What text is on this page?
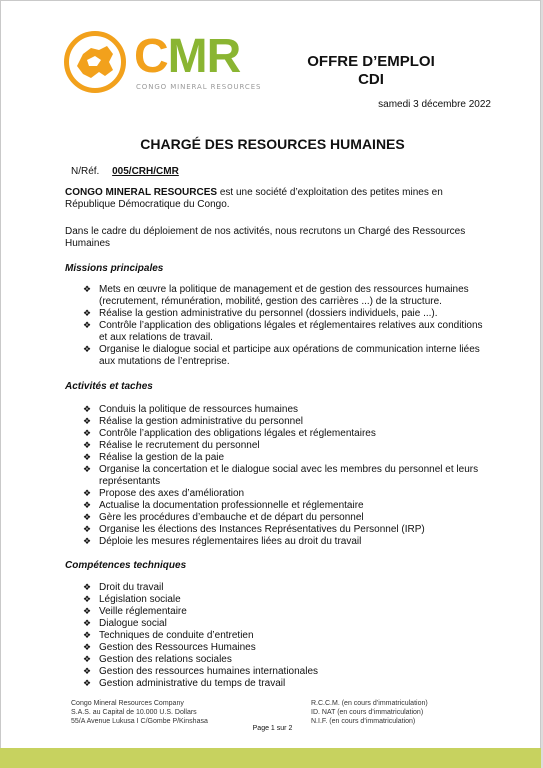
CMR
CONGO MINERAL RESOURCES
OFFRE D’EMPLOI
CDI
samedi 3 décembre 2022
CHARGÉ DES RESOURCES HUMAINES
N/Réf. 005/CRH/CMR
CONGO MINERAL RESOURCES est une société d’exploitation des petites mines en République Démocratique du Congo.
Dans le cadre du déploiement de nos activités, nous recrutons un Chargé des Ressources Humaines
Missions principales
❖ Mets en œuvre la politique de management et de gestion des ressources humaines (recrutement, rémunération, mobilité, gestion des carrières ...) de la structure.
❖ Réalise la gestion administrative du personnel (dossiers individuels, paie ...).
❖ Contrôle l’application des obligations légales et réglementaires relatives aux conditions et aux relations de travail.
❖ Organise le dialogue social et participe aux opérations de communication interne liées aux mutations de l’entreprise.
Activités et taches
❖ Conduis la politique de ressources humaines
❖ Réalise la gestion administrative du personnel
❖ Contrôle l’application des obligations légales et réglementaires
❖ Réalise le recrutement du personnel
❖ Réalise la gestion de la paie
❖ Organise la concertation et le dialogue social avec les membres du personnel et leurs représentants
❖ Propose des axes d’amélioration
❖ Actualise la documentation professionnelle et réglementaire
❖ Gère les procédures d’embauche et de départ du personnel
❖ Organise les élections des Instances Représentatives du Personnel (IRP)
❖ Déploie les mesures réglementaires liées au droit du travail
Compétences techniques
❖ Droit du travail
❖ Législation sociale
❖ Veille réglementaire
❖ Dialogue social
❖ Techniques de conduite d’entretien
❖ Gestion des Ressources Humaines
❖ Gestion des relations sociales
❖ Gestion des ressources humaines internationales
❖ Gestion administrative du temps de travail
Congo Mineral Resources Company
S.A.S. au Capital de 10.000 U.S. Dollars
55/A Avenue Lukusa I C/Gombe P/Kinshasa
R.C.C.M. (en cours d’immatriculation)
ID. NAT (en cours d’immatriculation)
N.I.F. (en cours d’immatriculation)
Page 1 sur 2
